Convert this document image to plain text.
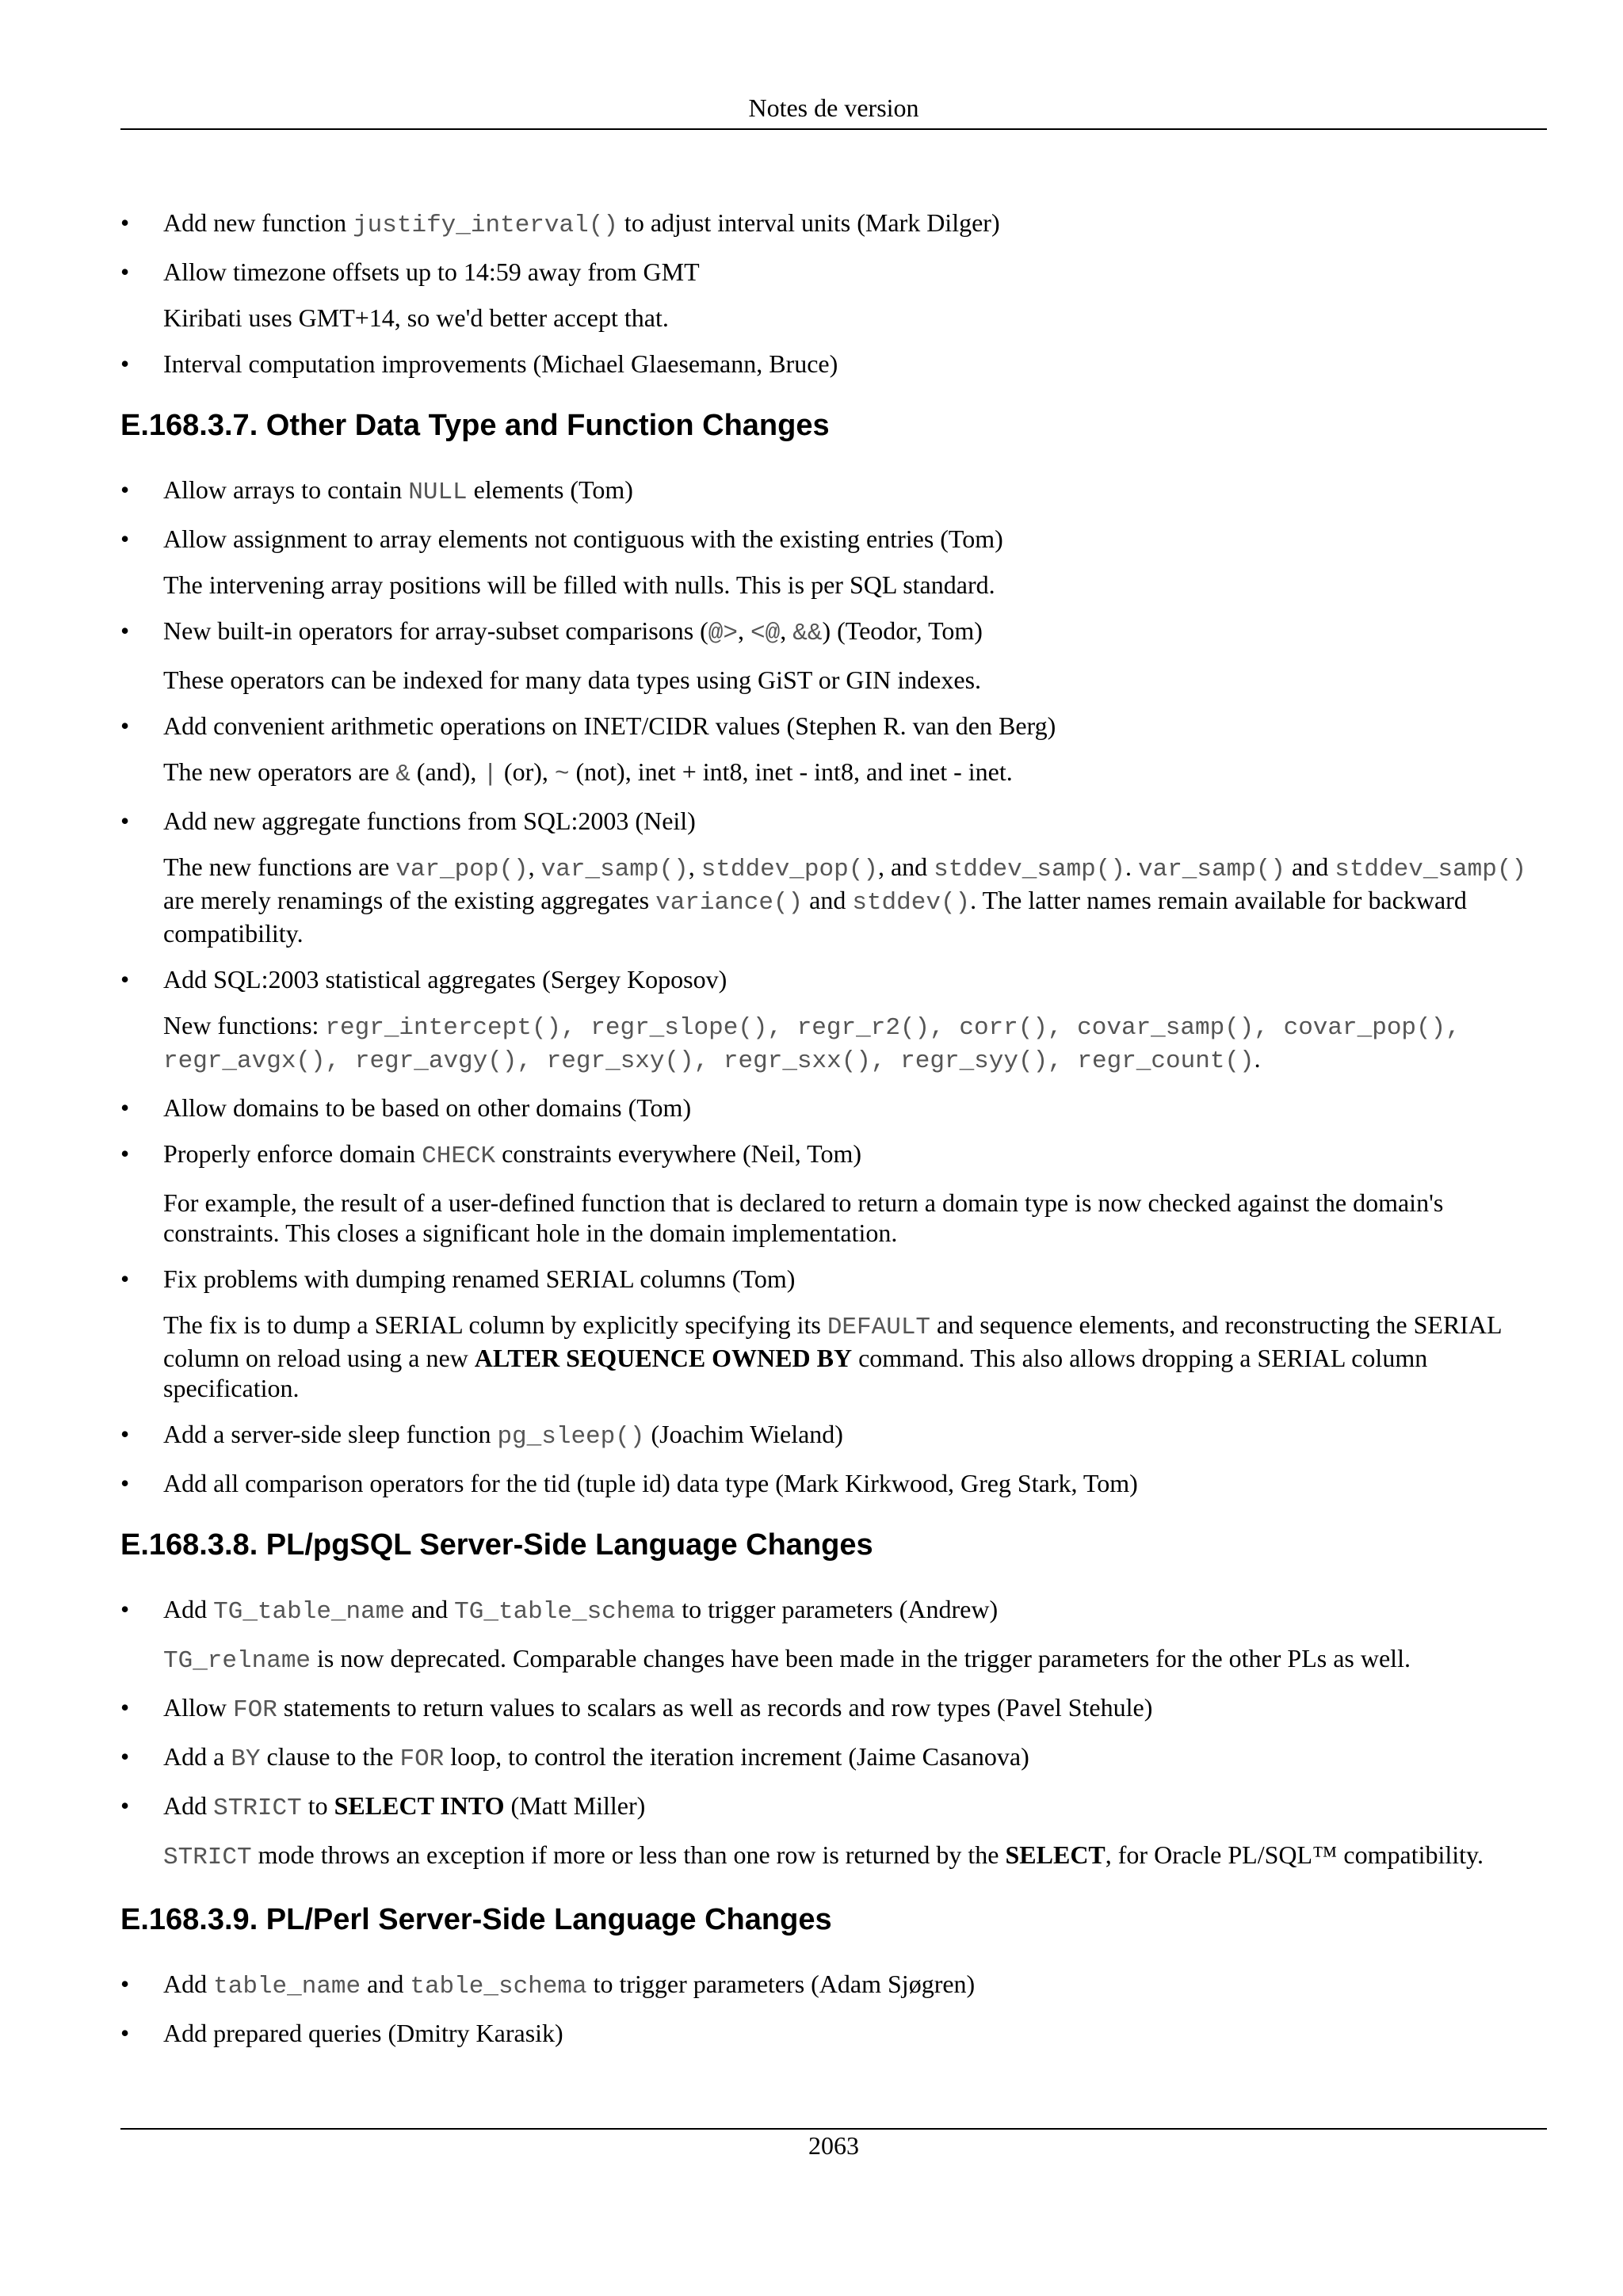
Notes de version
• Add new function justify_interval() to adjust interval units (Mark Dilger)
• Allow timezone offsets up to 14:59 away from GMT
Kiribati uses GMT+14, so we'd better accept that.
• Interval computation improvements (Michael Glaesemann, Bruce)
E.168.3.7. Other Data Type and Function Changes
• Allow arrays to contain NULL elements (Tom)
• Allow assignment to array elements not contiguous with the existing entries (Tom)
The intervening array positions will be filled with nulls. This is per SQL standard.
• New built-in operators for array-subset comparisons (@>, <@, &&) (Teodor, Tom)
These operators can be indexed for many data types using GiST or GIN indexes.
• Add convenient arithmetic operations on INET/CIDR values (Stephen R. van den Berg)
The new operators are & (and), | (or), ~ (not), inet + int8, inet - int8, and inet - inet.
• Add new aggregate functions from SQL:2003 (Neil)
The new functions are var_pop(), var_samp(), stddev_pop(), and stddev_samp(). var_samp() and stddev_samp() are merely renamings of the existing aggregates variance() and stddev(). The latter names remain available for backward compatibility.
• Add SQL:2003 statistical aggregates (Sergey Koposov)
New functions: regr_intercept(), regr_slope(), regr_r2(), corr(), covar_samp(), covar_pop(), regr_avgx(), regr_avgy(), regr_sxy(), regr_sxx(), regr_syy(), regr_count().
• Allow domains to be based on other domains (Tom)
• Properly enforce domain CHECK constraints everywhere (Neil, Tom)
For example, the result of a user-defined function that is declared to return a domain type is now checked against the domain's constraints. This closes a significant hole in the domain implementation.
• Fix problems with dumping renamed SERIAL columns (Tom)
The fix is to dump a SERIAL column by explicitly specifying its DEFAULT and sequence elements, and reconstructing the SERIAL column on reload using a new ALTER SEQUENCE OWNED BY command. This also allows dropping a SERIAL column specification.
• Add a server-side sleep function pg_sleep() (Joachim Wieland)
• Add all comparison operators for the tid (tuple id) data type (Mark Kirkwood, Greg Stark, Tom)
E.168.3.8. PL/pgSQL Server-Side Language Changes
• Add TG_table_name and TG_table_schema to trigger parameters (Andrew)
TG_relname is now deprecated. Comparable changes have been made in the trigger parameters for the other PLs as well.
• Allow FOR statements to return values to scalars as well as records and row types (Pavel Stehule)
• Add a BY clause to the FOR loop, to control the iteration increment (Jaime Casanova)
• Add STRICT to SELECT INTO (Matt Miller)
STRICT mode throws an exception if more or less than one row is returned by the SELECT, for Oracle PL/SQL™ compatibility.
E.168.3.9. PL/Perl Server-Side Language Changes
• Add table_name and table_schema to trigger parameters (Adam Sjøgren)
• Add prepared queries (Dmitry Karasik)
2063
